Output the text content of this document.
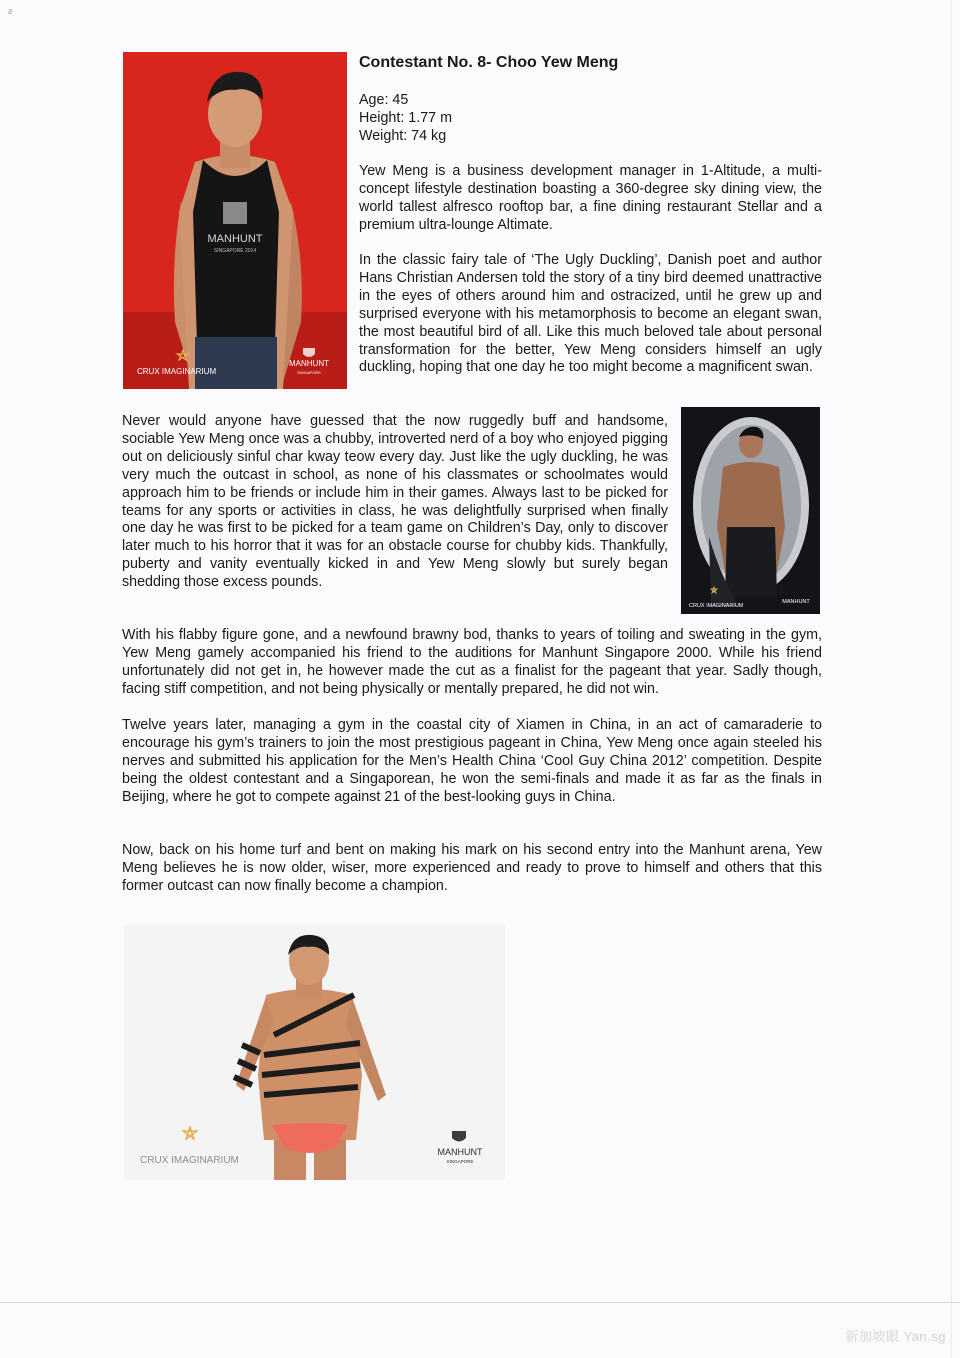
ƨ
MANHUNT
SINGAPORE 2014
CRUX IMAGINARIUM
MANHUNT
SINGAPORE
Contestant No. 8- Choo Yew Meng
Age: 45
Height: 1.77 m
Weight: 74 kg

Yew Meng is a business development manager in 1-Altitude, a multi-concept lifestyle destination boasting a 360-degree sky dining view, the world tallest alfresco rooftop bar, a fine dining restaurant Stellar and a premium ultra-lounge Altimate.

In the classic fairy tale of ‘The Ugly Duckling’, Danish poet and author Hans Christian Andersen told the story of a tiny bird deemed unattractive in the eyes of others around him and ostracized, until he grew up and surprised everyone with his metamorphosis to become an elegant swan, the most beautiful bird of all. Like this much beloved tale about personal transformation for the better, Yew Meng considers himself an ugly duckling, hoping that one day he too might become a magnificent swan.

CRUX IMAGINARIUM
MANHUNT

Never would anyone have guessed that the now ruggedly buff and handsome, sociable Yew Meng once was a chubby, introverted nerd of a boy who enjoyed pigging out on deliciously sinful char kway teow every day. Just like the ugly duckling, he was very much the outcast in school, as none of his classmates or schoolmates would approach him to be friends or include him in their games. Always last to be picked for teams for any sports or activities in class, he was delightfully surprised when finally one day he was first to be picked for a team game on Children’s Day, only to discover later much to his horror that it was for an obstacle course for chubby kids. Thankfully, puberty and vanity eventually kicked in and Yew Meng slowly but surely began shedding those excess pounds.

With his flabby figure gone, and a newfound brawny bod, thanks to years of toiling and sweating in the gym, Yew Meng gamely accompanied his friend to the auditions for Manhunt Singapore 2000. While his friend unfortunately did not get in, he however made the cut as a finalist for the pageant that year. Sadly though, facing stiff competition, and not being physically or mentally prepared, he did not win.

Twelve years later, managing a gym in the coastal city of Xiamen in China, in an act of camaraderie to encourage his gym’s trainers to join the most prestigious pageant in China, Yew Meng once again steeled his nerves and submitted his application for the Men’s Health China ‘Cool Guy China 2012’ competition. Despite being the oldest contestant and a Singaporean, he won the semi-finals and made it as far as the finals in Beijing, where he got to compete against 21 of the best-looking guys in China.

Now, back on his home turf and bent on making his mark on his second entry into the Manhunt arena, Yew Meng believes he is now older, wiser, more experienced and ready to prove to himself and others that this former outcast can now finally become a champion.

CRUX IMAGINARIUM
MANHUNT
SINGAPORE
新加坡眼 Yan.sg
